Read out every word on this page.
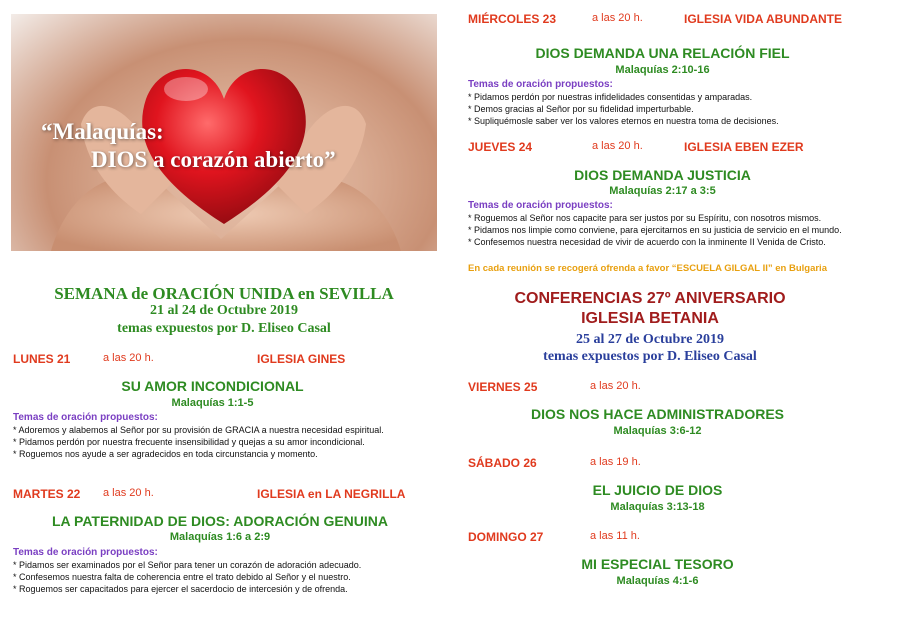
“Malaquías:
DIOS a corazón abierto”
SEMANA de ORACIÓN UNIDA en SEVILLA
21 al 24 de Octubre 2019
temas expuestos por D. Eliseo Casal
LUNES 21	a las 20 h.	IGLESIA GINES
SU AMOR INCONDICIONAL
Malaquías 1:1-5
Temas de oración propuestos:
* Adoremos y alabemos al Señor por su provisión de GRACIA a nuestra necesidad espiritual.
* Pidamos perdón por nuestra frecuente insensibilidad y quejas a su amor incondicional.
* Roguemos nos ayude a ser agradecidos en toda circunstancia y momento.
MARTES 22 a las 20 h.	IGLESIA en LA NEGRILLA
LA PATERNIDAD DE DIOS: ADORACIÓN GENUINA
Malaquías 1:6 a 2:9
Temas de oración propuestos:
* Pidamos ser examinados por el Señor para tener un corazón de adoración adecuado.
* Confesemos nuestra falta de coherencia entre el trato debido al Señor y el nuestro.
* Roguemos ser capacitados para ejercer el sacerdocio de intercesión y de ofrenda.
MIÉRCOLES 23	a las 20 h.	IGLESIA VIDA ABUNDANTE
DIOS DEMANDA UNA RELACIÓN FIEL
Malaquías 2:10-16
Temas de oración propuestos:
* Pidamos perdón por nuestras infidelidades consentidas y amparadas.
* Demos gracias al Señor por su fidelidad imperturbable.
* Supliquémosle saber ver los valores eternos en nuestra toma de decisiones.
JUEVES 24	a las 20 h.	IGLESIA EBEN EZER
DIOS DEMANDA JUSTICIA
Malaquías 2:17 a 3:5
Temas de oración propuestos:
* Roguemos al Señor nos capacite para ser justos por su Espíritu, con nosotros mismos.
* Pidamos nos limpie como conviene, para ejercitarnos en su justicia de servicio en el mundo.
* Confesemos nuestra necesidad de vivir de acuerdo con la inminente II Venida de Cristo.
En cada reunión se recogerá ofrenda a favor “ESCUELA GILGAL II” en Bulgaria
CONFERENCIAS 27º ANIVERSARIO
IGLESIA BETANIA
25 al 27 de Octubre 2019
temas expuestos por D. Eliseo Casal
VIERNES 25	a las 20 h.
DIOS NOS HACE ADMINISTRADORES
Malaquías 3:6-12
SÁBADO 26	a las 19 h.
EL JUICIO DE DIOS
Malaquías 3:13-18
DOMINGO 27	a las 11 h.
MI ESPECIAL TESORO
Malaquías 4:1-6
